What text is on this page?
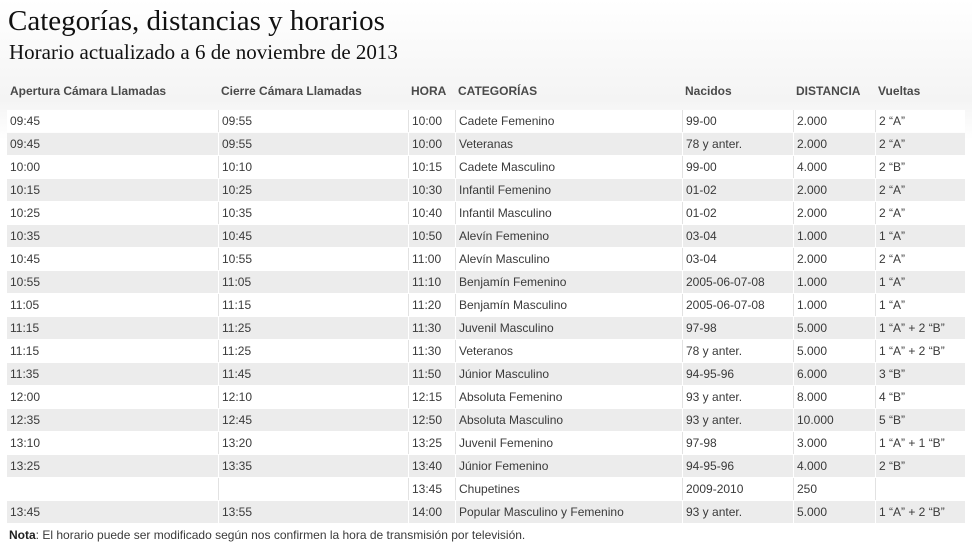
Categorías, distancias y horarios
Horario actualizado a 6 de noviembre de 2013
Apertura Cámara Llamadas	Cierre Cámara Llamadas	HORA	CATEGORÍAS	Nacidos	DISTANCIA	Vueltas

09:45	09:55	10:00	Cadete Femenino	99-00	2.000	2 “A”
09:45	09:55	10:00	Veteranas	78 y anter.	2.000	2 “A”
10:00	10:10	10:15	Cadete Masculino	99-00	4.000	2 “B”
10:15	10:25	10:30	Infantil Femenino	01-02	2.000	2 “A”
10:25	10:35	10:40	Infantil Masculino	01-02	2.000	2 “A”
10:35	10:45	10:50	Alevín Femenino	03-04	1.000	1 “A”
10:45	10:55	11:00	Alevín Masculino	03-04	2.000	2 “A”
10:55	11:05	11:10	Benjamín Femenino	2005-06-07-08	1.000	1 “A”
11:05	11:15	11:20	Benjamín Masculino	2005-06-07-08	1.000	1 “A”
11:15	11:25	11:30	Juvenil Masculino	97-98	5.000	1 “A” + 2 “B”
11:15	11:25	11:30	Veteranos	78 y anter.	5.000	1 “A” + 2 “B”
11:35	11:45	11:50	Júnior Masculino	94-95-96	6.000	3 “B”
12:00	12:10	12:15	Absoluta Femenino	93 y anter.	8.000	4 “B”
12:35	12:45	12:50	Absoluta Masculino	93 y anter.	10.000	5 “B”
13:10	13:20	13:25	Juvenil Femenino	97-98	3.000	1 “A” + 1 “B”
13:25	13:35	13:40	Júnior Femenino	94-95-96	4.000	2 “B”
		13:45	Chupetines	2009-2010	250	
13:45	13:55	14:00	Popular Masculino y Femenino	93 y anter.	5.000	1 “A” + 2 “B”
Nota: El horario puede ser modificado según nos confirmen la hora de transmisión por televisión.
